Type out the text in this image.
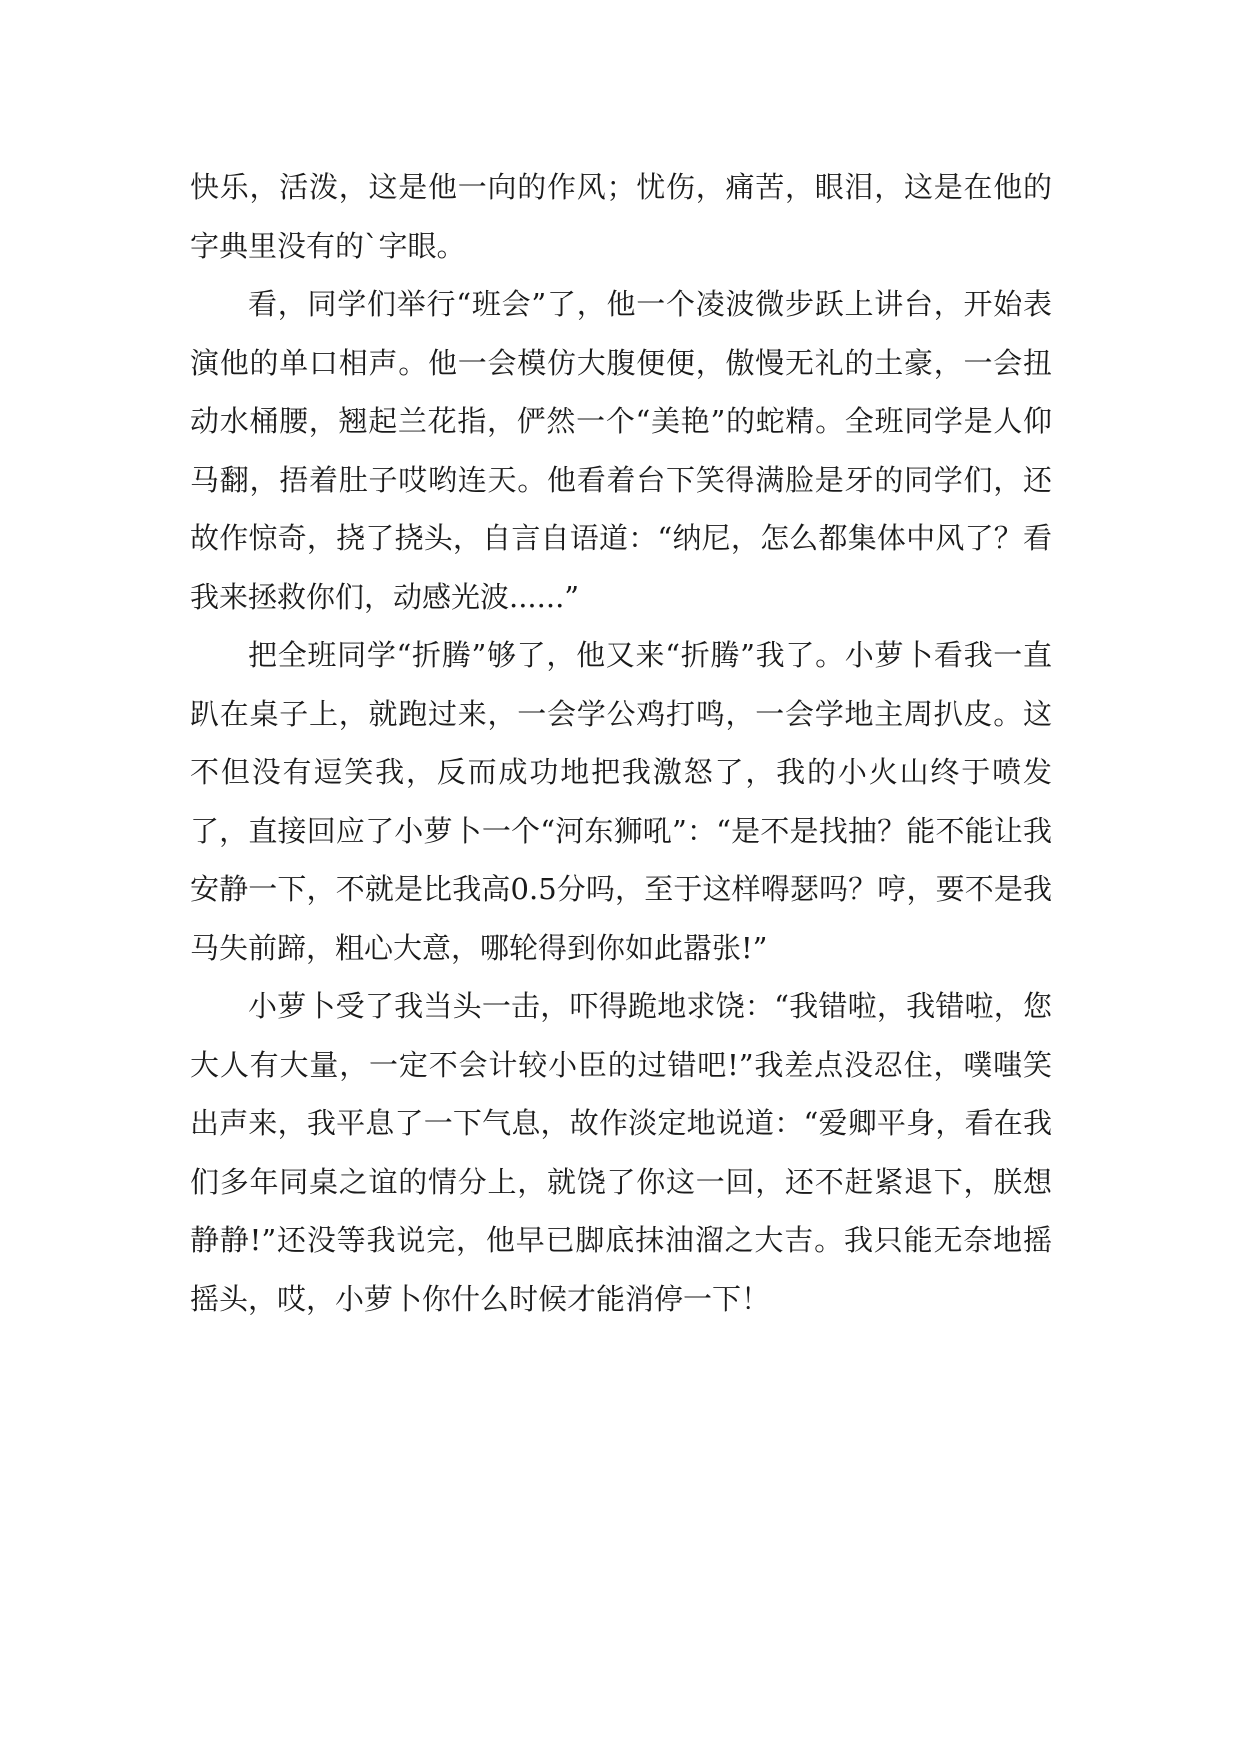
快乐，活泼，这是他一向的作风；忧伤，痛苦，眼泪，这是在他的字典里没有的`字眼。

看，同学们举行“班会”了，他一个凌波微步跃上讲台，开始表演他的单口相声。他一会模仿大腹便便，傲慢无礼的土豪，一会扭动水桶腰，翘起兰花指，俨然一个“美艳”的蛇精。全班同学是人仰马翻，捂着肚子哎哟连天。他看着台下笑得满脸是牙的同学们，还故作惊奇，挠了挠头，自言自语道：“纳尼，怎么都集体中风了？看我来拯救你们，动感光波......”

把全班同学“折腾”够了，他又来“折腾”我了。小萝卜看我一直趴在桌子上，就跑过来，一会学公鸡打鸣，一会学地主周扒皮。这不但没有逗笑我，反而成功地把我激怒了，我的小火山终于喷发了，直接回应了小萝卜一个“河东狮吼”：“是不是找抽？能不能让我安静一下，不就是比我高0.5分吗，至于这样嘚瑟吗？哼，要不是我马失前蹄，粗心大意，哪轮得到你如此嚣张!”

小萝卜受了我当头一击，吓得跪地求饶：“我错啦，我错啦，您大人有大量，一定不会计较小臣的过错吧!”我差点没忍住，噗嗤笑出声来，我平息了一下气息，故作淡定地说道：“爱卿平身，看在我们多年同桌之谊的情分上，就饶了你这一回，还不赶紧退下，朕想静静!”还没等我说完，他早已脚底抹油溜之大吉。我只能无奈地摇摇头，哎，小萝卜你什么时候才能消停一下！
